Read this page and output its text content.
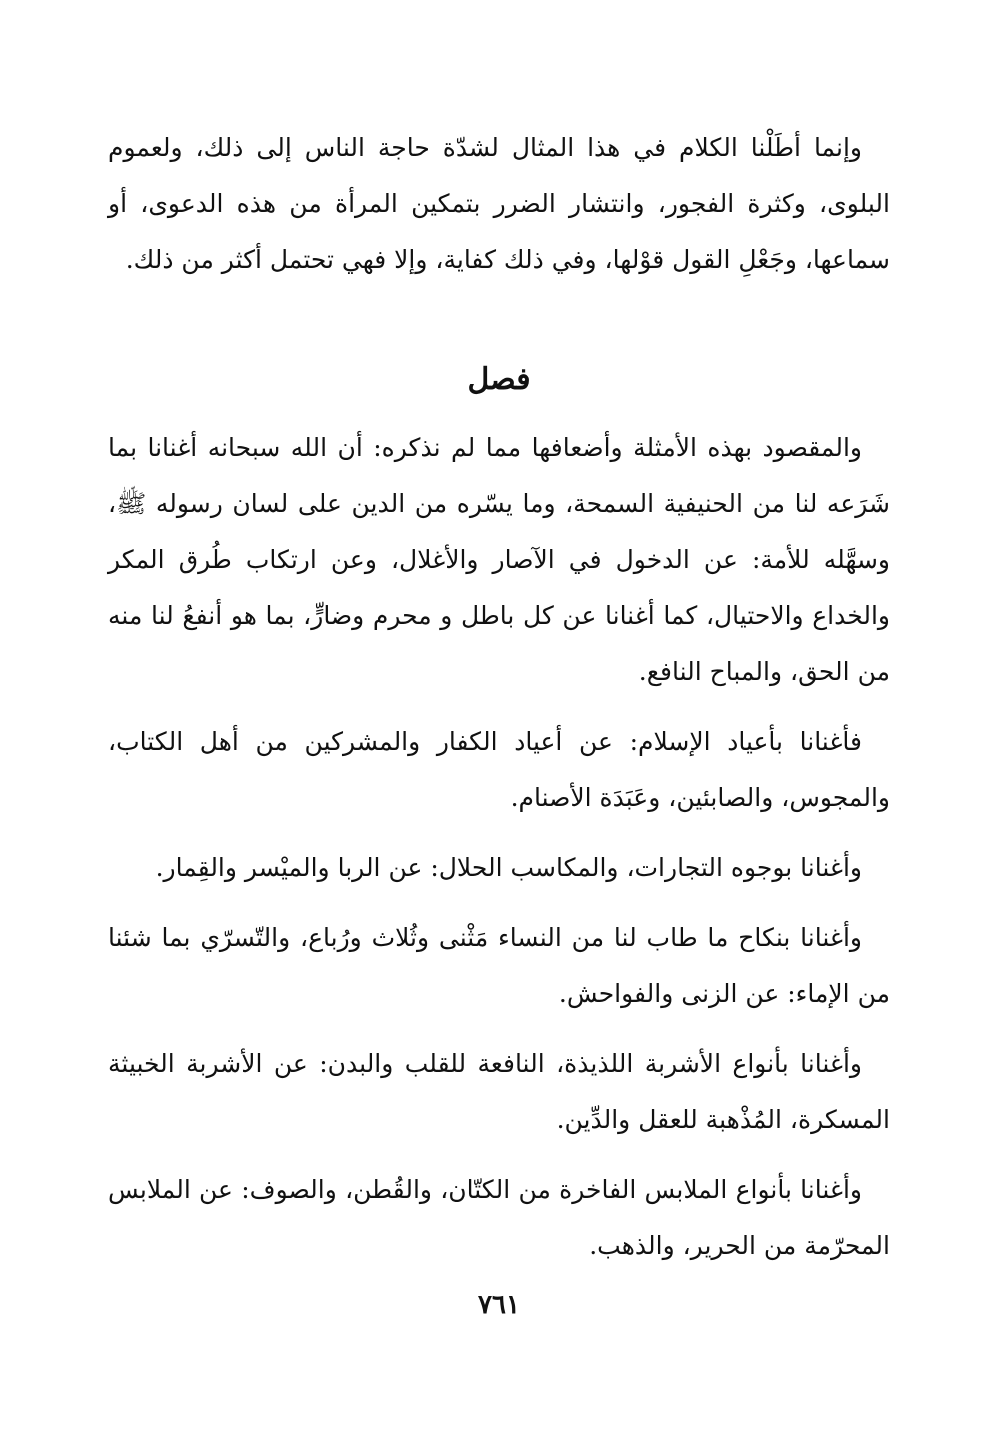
وإنما أطَلْنا الكلام في هذا المثال لشدّة حاجة الناس إلى ذلك، ولعموم البلوى، وكثرة الفجور، وانتشار الضرر بتمكين المرأة من هذه الدعوى، أو سماعها، وجَعْلِ القول قوْلها، وفي ذلك كفاية، وإلا فهي تحتمل أكثر من ذلك.

فصل

والمقصود بهذه الأمثلة وأضعافها مما لم نذكره: أن الله سبحانه أغنانا بما شَرَعه لنا من الحنيفية السمحة، وما يسّره من الدين على لسان رسوله ﷺ، وسهَّله للأمة: عن الدخول في الآصار والأغلال، وعن ارتكاب طُرق المكر والخداع والاحتيال، كما أغنانا عن كل باطل و محرم وضارٍّ، بما هو أنفعُ لنا منه من الحق، والمباح النافع.

فأغنانا بأعياد الإسلام: عن أعياد الكفار والمشركين من أهل الكتاب، والمجوس، والصابئين، وعَبَدَة الأصنام.

وأغنانا بوجوه التجارات، والمكاسب الحلال: عن الربا والميْسر والقِمار.

وأغنانا بنكاح ما طاب لنا من النساء مَثْنى وثُلاث ورُباع، والتّسرّي بما شئنا من الإماء: عن الزنى والفواحش.

وأغنانا بأنواع الأشربة اللذيذة، النافعة للقلب والبدن: عن الأشربة الخبيثة المسكرة، المُذْهبة للعقل والدِّين.

وأغنانا بأنواع الملابس الفاخرة من الكتّان، والقُطن، والصوف: عن الملابس المحرّمة من الحرير، والذهب.

٧٦١
